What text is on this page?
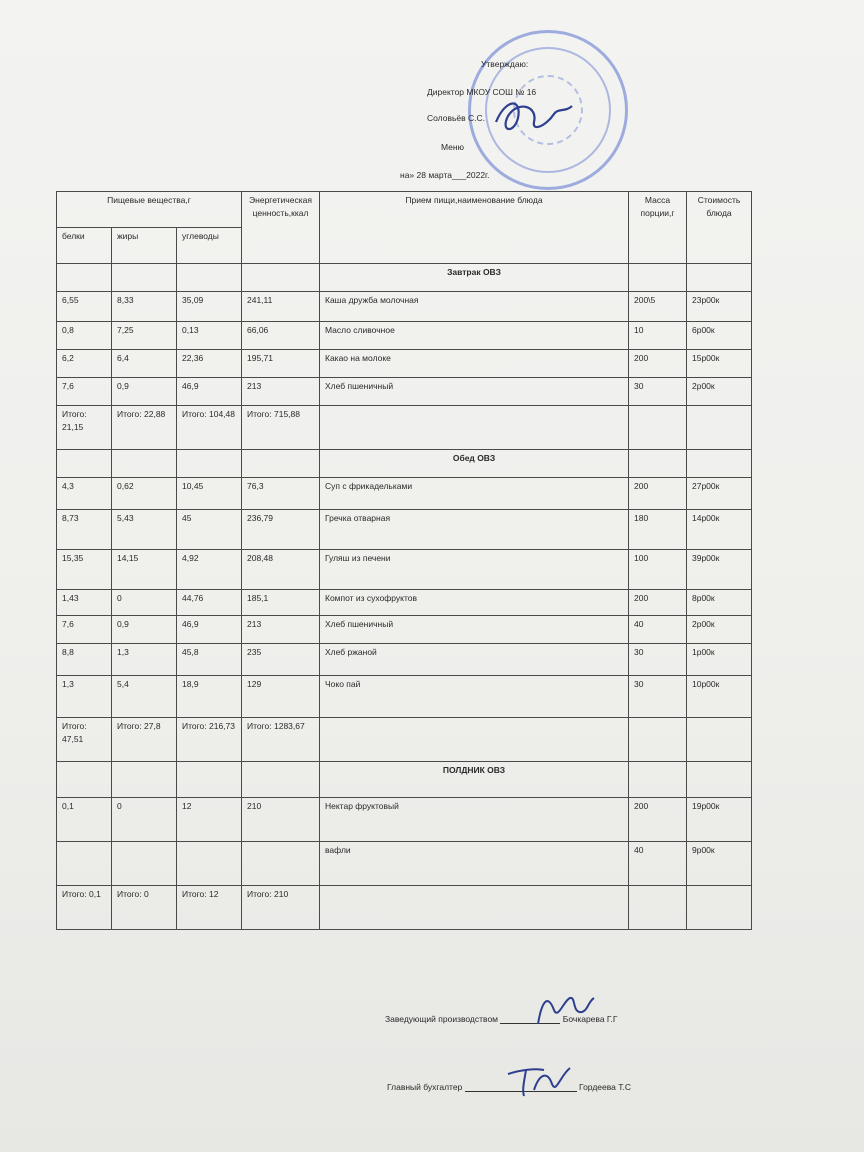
Утверждаю:
Директор МКОУ СОШ № 16
Соловьёв С.С.
Меню
на» 28 марта___2022г.
Пищевые вещества,г			Энергетическая ценность,ккал	Прием пищи,наименование блюда	Масса порции,г	Стоимость блюда
белки	жиры	углеводы				
				Завтрак ОВЗ		
6,55	8,33	35,09	241,11	Каша дружба молочная	200\5	23р00к
0,8	7,25	0,13	66,06	Масло сливочное	10	6р00к
6,2	6,4	22,36	195,71	Какао на молоке	200	15р00к
7,6	0,9	46,9	213	Хлеб пшеничный	30	2р00к
Итого: 21,15	Итого: 22,88	Итого: 104,48	Итого: 715,88			
				Обед ОВЗ		
4,3	0,62	10,45	76,3	Суп с фрикадельками	200	27р00к
8,73	5,43	45	236,79	Гречка отварная	180	14р00к
15,35	14,15	4,92	208,48	Гуляш из печени	100	39р00к
1,43	0	44,76	185,1	Компот из сухофруктов	200	8р00к
7,6	0,9	46,9	213	Хлеб пшеничный	40	2р00к
8,8	1,3	45,8	235	Хлеб ржаной	30	1р00к
1,3	5,4	18,9	129	Чоко пай	30	10р00к
Итого: 47,51	Итого: 27,8	Итого: 216,73	Итого: 1283,67			
				ПОЛДНИК ОВЗ		
0,1	0	12	210	Нектар фруктовый	200	19р00к
				вафли	40	9р00к
Итого: 0,1	Итого: 0	Итого: 12	Итого: 210			
Заведующий производством	Бочкарева Г.Г
Главный бухгалтер	Гордеева Т.С
